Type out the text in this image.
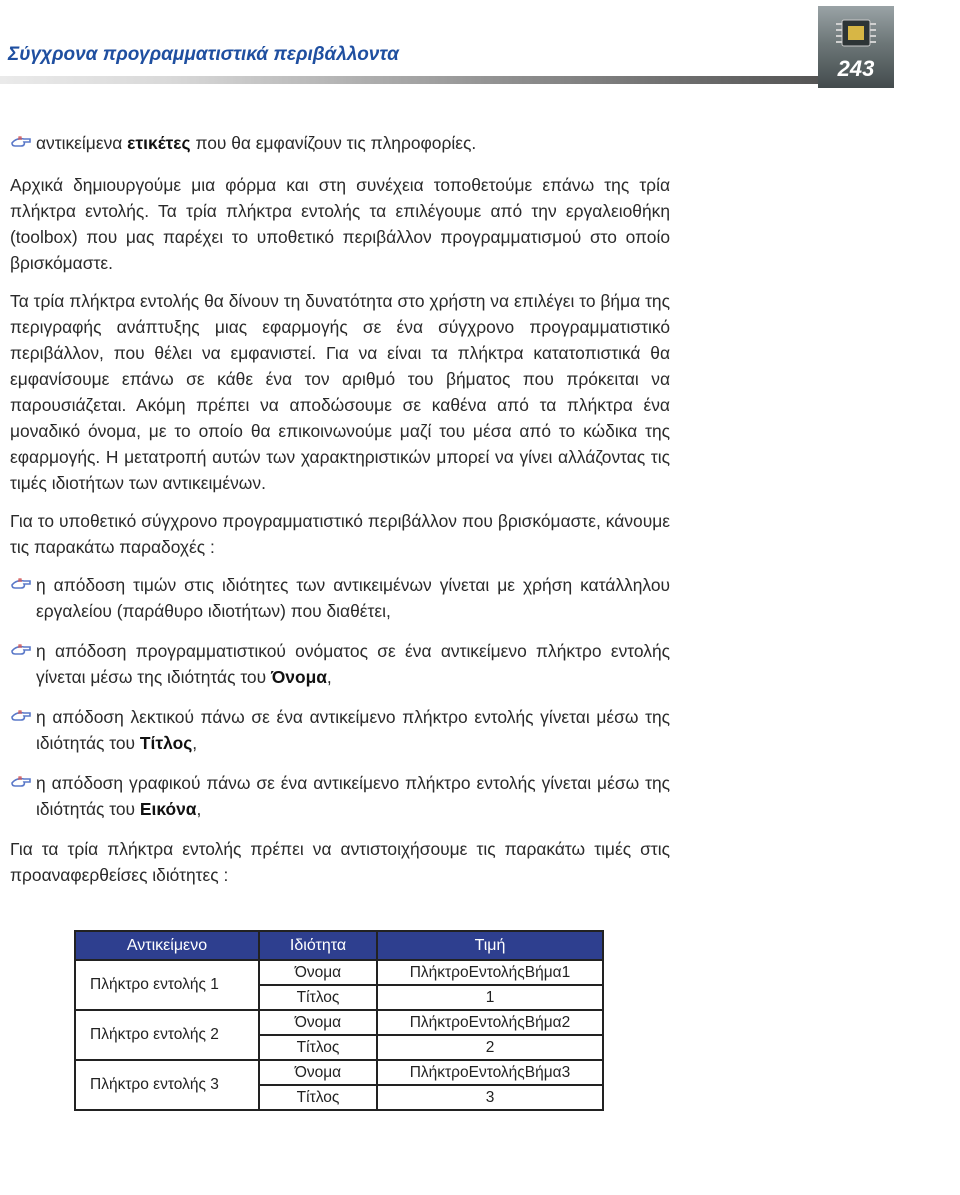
Σύγχρονα προγραμματιστικά περιβάλλοντα
243
αντικείμενα ετικέτες που θα εμφανίζουν τις πληροφορίες.

Αρχικά δημιουργούμε μια φόρμα και στη συνέχεια τοποθετούμε επάνω της τρία πλήκτρα εντολής. Τα τρία πλήκτρα εντολής τα επιλέγουμε από την εργαλειοθήκη (toolbox) που μας παρέχει το υποθετικό περιβάλλον προγραμματισμού στο οποίο βρισκόμαστε.

Τα τρία πλήκτρα εντολής θα δίνουν τη δυνατότητα στο χρήστη να επιλέγει το βήμα της περιγραφής ανάπτυξης μιας εφαρμογής σε ένα σύγχρονο προγραμματιστικό περιβάλλον, που θέλει να εμφανιστεί. Για να είναι τα πλήκτρα κατατοπιστικά θα εμφανίσουμε επάνω σε κάθε ένα τον αριθμό του βήματος που πρόκειται να παρουσιάζεται. Ακόμη πρέπει να αποδώσουμε σε καθένα από τα πλήκτρα ένα μοναδικό όνομα, με το οποίο θα επικοινωνούμε μαζί του μέσα από το κώδικα της εφαρμογής. Η μετατροπή αυτών των χαρακτηριστικών μπορεί να γίνει αλλάζοντας τις τιμές ιδιοτήτων των αντικειμένων.

Για το υποθετικό σύγχρονο προγραμματιστικό περιβάλλον που βρισκόμαστε, κάνουμε τις παρακάτω παραδοχές :

η απόδοση τιμών στις ιδιότητες των αντικειμένων γίνεται με χρήση κατάλληλου εργαλείου (παράθυρο ιδιοτήτων) που διαθέτει,
η απόδοση προγραμματιστικού ονόματος σε ένα αντικείμενο πλήκτρο εντολής γίνεται μέσω της ιδιότητάς του Όνομα,
η απόδοση λεκτικού πάνω σε ένα αντικείμενο πλήκτρο εντολής γίνεται μέσω της ιδιότητάς του Τίτλος,
η απόδοση γραφικού πάνω σε ένα αντικείμενο πλήκτρο εντολής γίνεται μέσω της ιδιότητάς του Εικόνα,

Για τα τρία πλήκτρα εντολής πρέπει να αντιστοιχήσουμε τις παρακάτω τιμές στις προαναφερθείσες ιδιότητες :

Αντικείμενο	Ιδιότητα	Τιμή
Πλήκτρο εντολής 1	Όνομα	ΠλήκτροΕντολήςΒήμα1
	Τίτλος	1
Πλήκτρο εντολής 2	Όνομα	ΠλήκτροΕντολήςΒήμα2
	Τίτλος	2
Πλήκτρο εντολής 3	Όνομα	ΠλήκτροΕντολήςΒήμα3
	Τίτλος	3
